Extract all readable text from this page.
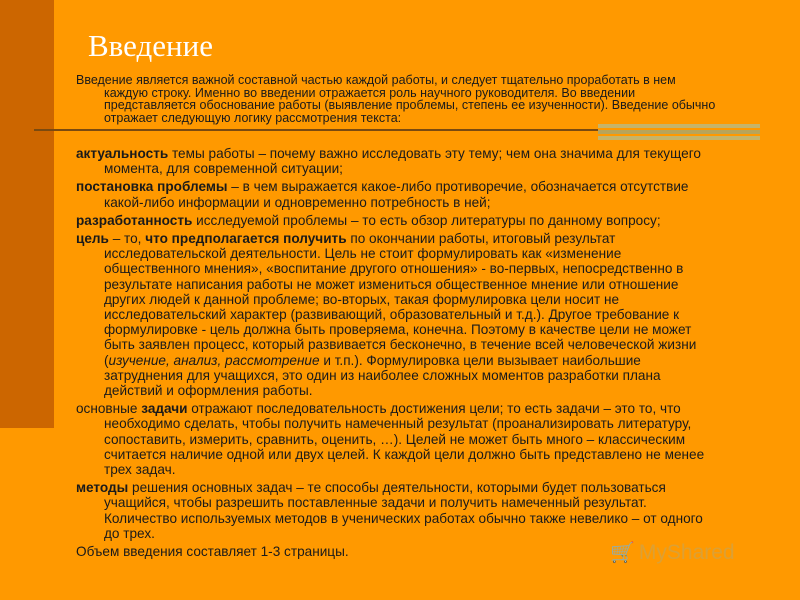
Введение
Введение является важной составной частью каждой работы, и следует тщательно проработать в нем
каждую строку. Именно во введении отражается роль научного руководителя. Во введении представляется обоснование работы (выявление проблемы, степень ее изученности). Введение обычно отражает следующую логику рассмотрения текста:

актуальность темы работы – почему важно исследовать эту тему; чем она значима для текущего момента, для современной ситуации;

постановка проблемы – в чем выражается какое-либо противоречие, обозначается отсутствие какой-либо информации и одновременно потребность в ней;

разработанность исследуемой проблемы – то есть обзор литературы по данному вопросу;

цель – то, что предполагается получить по окончании работы, итоговый результат исследовательской деятельности. Цель не стоит формулировать как «изменение общественного мнения», «воспитание другого отношения» - во-первых, непосредственно в результате написания работы не может измениться общественное мнение или отношение других людей к данной проблеме; во-вторых, такая формулировка цели носит не исследовательский характер (развивающий, образовательный и т.д.). Другое требование к формулировке - цель должна быть проверяема, конечна. Поэтому в качестве цели не может быть заявлен процесс, который развивается бесконечно, в течение всей человеческой жизни (изучение, анализ, рассмотрение и т.п.). Формулировка цели вызывает наибольшие затруднения для учащихся, это один из наиболее сложных моментов разработки плана действий и оформления работы.

основные задачи отражают последовательность достижения цели; то есть задачи – это то, что необходимо сделать, чтобы получить намеченный результат (проанализировать литературу, сопоставить, измерить, сравнить, оценить, …). Целей не может быть много – классическим считается наличие одной или двух целей. К каждой цели должно быть представлено не менее трех задач.

методы решения основных задач – те способы деятельности, которыми будет пользоваться учащийся, чтобы разрешить поставленные задачи и получить намеченный результат. Количество используемых методов в ученических работах обычно также невелико – от одного до трех.

Объем введения составляет 1-3 страницы.	🛒 MyShared
